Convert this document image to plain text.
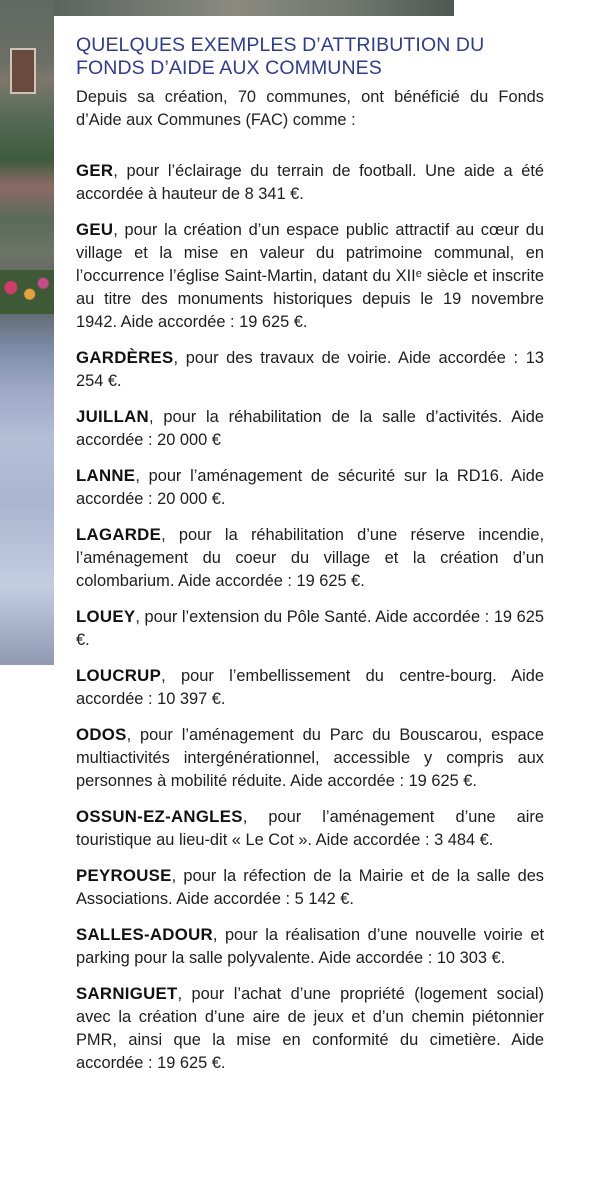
QUELQUES EXEMPLES D’ATTRIBUTION DU
FONDS D’AIDE AUX COMMUNES

Depuis sa création, 70 communes, ont bénéficié du Fonds d’Aide aux Communes (FAC) comme :

GER, pour l’éclairage du terrain de football. Une aide a été accordée à hauteur de 8 341 €.

GEU, pour la création d’un espace public attractif au cœur du village et la mise en valeur du patrimoine communal, en l’occurrence l’église Saint-Martin, datant du XIIᵉ siècle et inscrite au titre des monuments historiques depuis le 19 novembre 1942. Aide accordée : 19 625 €.

GARDÈRES, pour des travaux de voirie. Aide accordée : 13 254 €.

JUILLAN, pour la réhabilitation de la salle d’activités. Aide accordée : 20 000 €

LANNE, pour l’aménagement de sécurité sur la RD16. Aide accordée : 20 000 €.

LAGARDE, pour la réhabilitation d’une réserve incendie, l’aménagement du coeur du village et la création d’un colombarium. Aide accordée : 19 625 €.

LOUEY, pour l’extension du Pôle Santé. Aide accordée : 19 625 €.

LOUCRUP, pour l’embellissement du centre-bourg. Aide accordée : 10 397 €.

ODOS, pour l’aménagement du Parc du Bouscarou, espace multiactivités intergénérationnel, accessible y compris aux personnes à mobilité réduite. Aide accordée : 19 625 €.

OSSUN-EZ-ANGLES, pour l’aménagement d’une aire touristique au lieu-dit « Le Cot ». Aide accordée : 3 484 €.

PEYROUSE, pour la réfection de la Mairie et de la salle des Associations. Aide accordée : 5 142 €.

SALLES-ADOUR, pour la réalisation d’une nouvelle voirie et parking pour la salle polyvalente. Aide accordée : 10 303 €.

SARNIGUET, pour l’achat d’une propriété (logement social) avec la création d’une aire de jeux et d’un chemin piétonnier PMR, ainsi que la mise en conformité du cimetière. Aide accordée : 19 625 €.
